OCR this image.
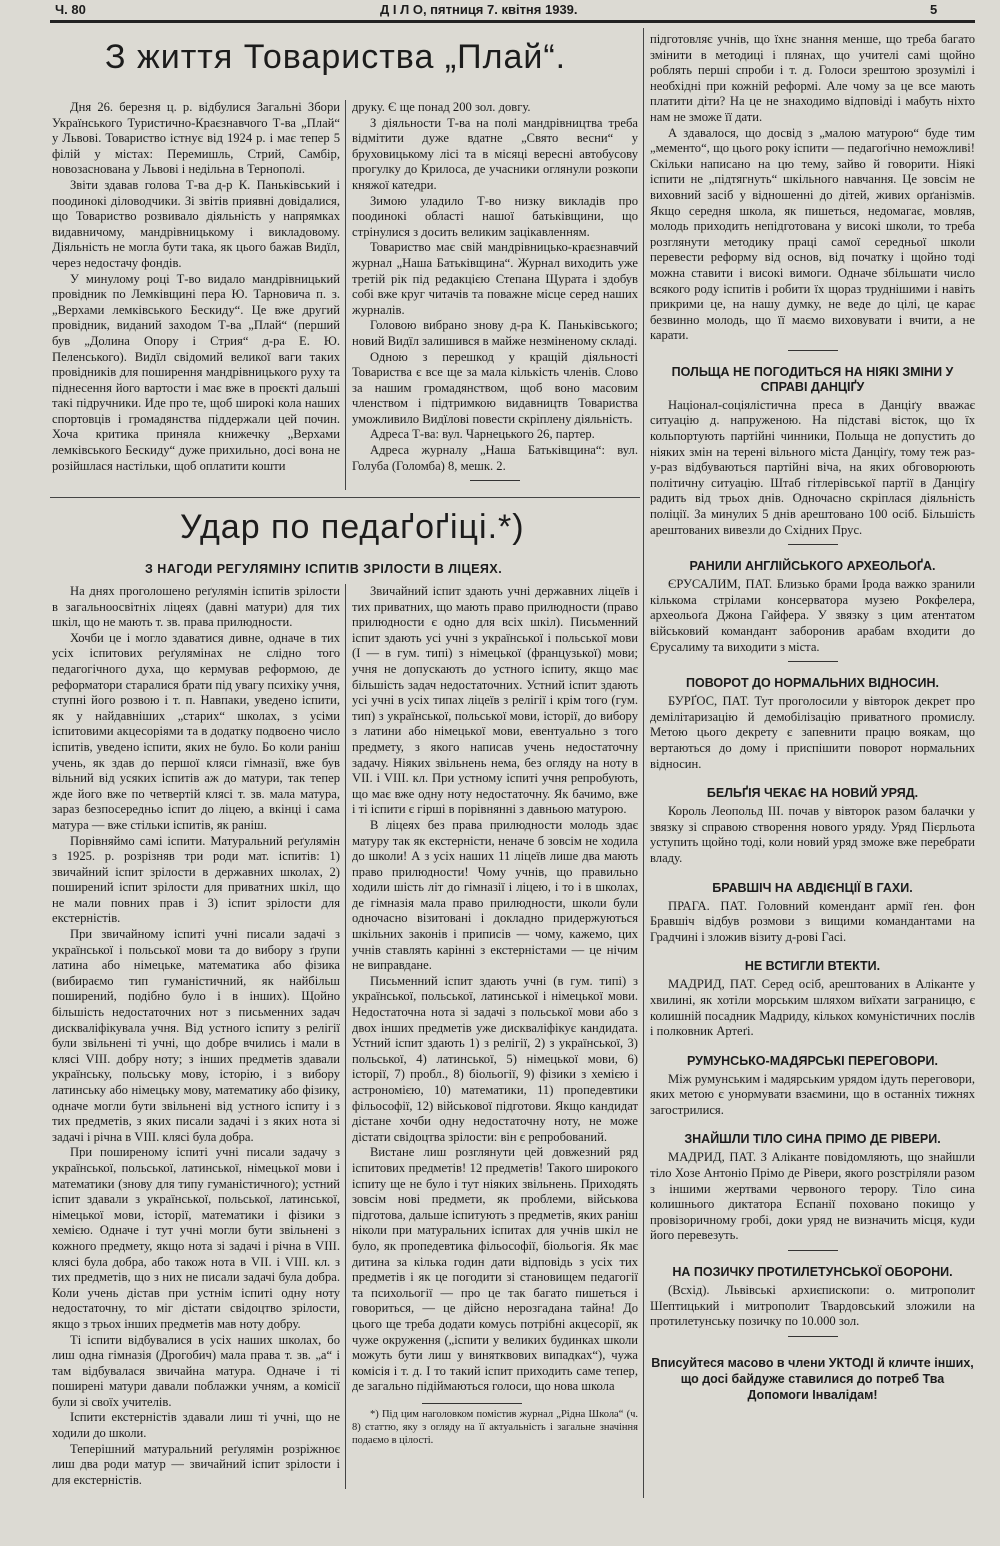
Ч. 80	Д І Л О, пятниця 7. квітня 1939.	5
З життя Товариства „Плай“.

Дня 26. березня ц. р. відбулися Загальні Збори Українського Туристично-Краєзнавчого Т-ва „Плай“ у Львові. Товариство істнує від 1924 р. і має тепер 5 філій у містах: Перемишль, Стрий, Самбір, новозаснована у Львові і недільна в Тернополі.

Звіти здавав голова Т-ва д-р К. Паньківський і поодинокі діловодчики. Зі звітів приявні довідалися, що Товариство розвивало діяльність у напрямках видавничому, мандрівницькому і викладовому. Діяльність не могла бути така, як цього бажав Видїл, через недостачу фондів.

У минулому році Т-во видало мандрівницький провідник по Лемківщині пера Ю. Тарновича п. з. „Верхами лемківського Бескиду“. Це вже другий провідник, виданий заходом Т-ва „Плай“ (перший був „Долина Опору і Стрия“ д-ра Е. Ю. Пеленського). Видїл свідомий великої ваги таких провідників для поширення мандрівницького руху та піднесення його вартости і має вже в проєкті дальші такі підручники. Иде про те, щоб широкі кола наших спортовців і громадянства піддержали цей почин. Хоча критика приняла книжечку „Верхами лемківського Бескиду“ дуже прихильно, досі вона не розійшлася настільки, щоб оплатити кошти

друку. Є ще понад 200 зол. довгу.

З діяльности Т-ва на полі мандрівництва треба відмітити дуже вдатне „Свято весни“ у бруховицькому лісі та в місяці вересні автобусову прогулку до Крилоса, де учасники оглянули розкопи княжої катедри.

Зимою уладило Т-во низку викладів про поодинокі області нашої батьківщини, що стрінулися з досить великим зацікавленням.

Товариство має свій мандрівницько-краєзнавчий журнал „Наша Батьківщина“. Журнал виходить уже третій рік під редакцією Степана Щурата і здобув собі вже круг читачів та поважне місце серед наших журналів.

Головою вибрано знову д-ра К. Паньківського; новий Видїл залишився в майже незміненому складі.

Одною з перешкод у кращій діяльності Товариства є все ще за мала кількість членів. Слово за нашим громадянством, щоб воно масовим членством і підтримкою видавництв Товариства уможливило Видїлові повести скріплену діяльність.

Адреса Т-ва: вул. Чарнецького 26, партер.

Адреса журналу „Наша Батьківщина“: вул. Голуба (Голомба) 8, мешк. 2.

Удар по педаґоґіці.*)
З НАГОДИ РЕГУЛЯМІНУ ІСПИТІВ ЗРІЛОСТИ В ЛІЦЕЯХ.

На днях проголошено реґулямін іспитів зрілости в загальноосвітніх ліцеях (давні матури) для тих шкіл, що не мають т. зв. права прилюдности.

Хочби це і могло здаватися дивне, одначе в тих усіх іспитових реґулямінах не слідно того педагогічного духа, що кермував реформою, де реформатори старалися брати під увагу психіку учня, ступні його розвою і т. п. Навпаки, уведено іспити, як у найдавніших „старих“ школах, з усіми іспитовими акцесоріями та в додатку подвоєно число іспитів, уведено іспити, яких не було. Бо коли раніш учень, як здав до першої кляси гімназії, вже був вільний від усяких іспитів аж до матури, так тепер жде його вже по четвертій клясі т. зв. мала матура, зараз безпосередньо іспит до ліцею, а вкінці і сама матура — вже стільки іспитів, як раніш.

Порівняймо самі іспити. Матуральний реґулямін з 1925. р. розрізняв три роди мат. іспитів: 1) звичайний іспит зрілости в державних школах, 2) поширений іспит зрілости для приватних шкіл, що не мали повних прав і 3) іспит зрілости для екстерністів.

При звичайному іспиті учні писали задачі з української і польської мови та до вибору з ґрупи латина або німецьке, математика або фізика (вибираємо тип гуманістичний, як найбільш поширений, подібно було і в інших). Щойно більшість недостаточних нот з письменних задач дискваліфікувала учня. Від устного іспиту з релігії були звільнені ті учні, що добре вчились і мали в клясі VIII. добру ноту; з інших предметів здавали українську, польську мову, історію, і з вибору латинську або німецьку мову, математику або фізику, одначе могли бути звільнені від устного іспиту і з тих предметів, з яких писали задачі і з яких нота зі задачі і річна в VIII. клясі була добра.

При поширеному іспиті учні писали задачу з української, польської, латинської, німецької мови і математики (знову для типу гуманістичного); устний іспит здавали з української, польської, латинської, німецької мови, історії, математики і фізики з хемією. Одначе і тут учні могли бути звільнені з кожного предмету, якщо нота зі задачі і річна в VIII. клясі була добра, або також нота в VII. і VIII. кл. з тих предметів, що з них не писали задачі була добра. Коли учень дістав при устнім іспиті одну ноту недостаточну, то міг дістати свідоцтво зрілости, якщо з трьох інших предметів мав ноту добру.

Ті іспити відбувалися в усіх наших школах, бо лиш одна гімназія (Дрогобич) мала права т. зв. „а“ і там відбувалася звичайна матура. Одначе і ті поширені матури давали поблажки учням, а комісії були зі своїх учителів.

Іспити екстерністів здавали лиш ті учні, що не ходили до школи.

Теперішний матуральний реґулямін розріжнює лиш два роди матур — звичайний іспит зрілости і для екстерністів.

Звичайний іспит здають учні державних ліцеїв і тих приватних, що мають право прилюдности (право прилюдности є одно для всіх шкіл). Письменний іспит здають усі учні з української і польської мови (І — в гум. типі) з німецької (французької) мови; учня не допускають до устного іспиту, якщо має більшість задач недостаточних. Устний іспит здають усі учні в усіх типах ліцеїв з релігії і крім того (гум. тип) з української, польської мови, історії, до вибору з латини або німецької мови, евентуально з того предмету, з якого написав учень недостаточну задачу. Ніяких звільнень нема, без огляду на ноту в VII. і VIII. кл. При устному іспиті учня репробують, що має вже одну ноту недостаточну. Як бачимо, вже і ті іспити є гірші в порівнянні з давньою матурою.

В ліцеях без права прилюдности молодь здає матуру так як екстерністи, неначе б зовсім не ходила до школи! А з усіх наших 11 ліцеїв лише два мають право прилюдности! Чому учнів, що правильно ходили шість літ до гімназії і ліцею, і то і в школах, де гімназія мала право прилюдности, школи були одночасно візитовані і докладно придержуються шкільних законів і приписів — чому, кажемо, цих учнів ставлять карінні з екстерністами — це нічим не виправдане.

Письменний іспит здають учні (в гум. типі) з української, польської, латинської і німецької мови. Недостаточна нота зі задачі з польської мови або з двох інших предметів уже дискваліфікує кандидата. Устний іспит здають 1) з релігії, 2) з української, 3) польської, 4) латинської, 5) німецької мови, 6) історії, 7) пробл., 8) біольогії, 9) фізики з хемією і астрономією, 10) математики, 11) пропедевтики фільософії, 12) військової підготови. Якщо кандидат дістане хочби одну недостаточну ноту, не може дістати свідоцтва зрілости: він є репробований.

Вистане лиш розглянути цей довжезний ряд іспитових предметів! 12 предметів! Такого широкого іспиту ще не було і тут ніяких звільнень. Приходять зовсім нові предмети, як проблеми, військова підготова, дальше іспитують з предметів, яких раніш ніколи при матуральних іспитах для учнів шкіл не було, як пропедевтика фільософії, біольогія. Як має дитина за кілька годин дати відповідь з усіх тих предметів і як це погодити зі становищем педагогії та психольогії — про це так багато пишеться і говориться, — це дійсно нерозгадана тайна! До цього ще треба додати комусь потрібні акцесорії, як чуже окруження („іспити у великих будинках школи можуть бути лиш у винятквових випадках“), чужа комісія і т. д. І то такий іспит приходить саме тепер, де загально підіймаються голоси, що нова школа

*) Під цим наголовком помістив журнал „Рідна Школа“ (ч. 8) статтю, яку з огляду на її актуальність і загальне значіння подаємо в цілості.

підготовляє учнів, що їхнє знання менше, що треба багато змінити в методиці і плянах, що учителі самі щойно роблять перші спроби і т. д. Голоси зрештою зрозумілі і необхідні при кожній реформі. Але чому за це все мають платити діти? На це не знаходимо відповіді і мабуть ніхто нам не зможе її дати.

А здавалося, що досвід з „малою матурою“ буде тим „мементо“, що цього року іспити — педагоґічно неможливі! Скільки написано на цю тему, зайво й говорити. Ніякі іспити не „підтягнуть“ шкільного навчання. Це зовсім не виховний засіб у відношенні до дітей, живих орґанізмів. Якщо середня школа, як пишеться, недомагає, мовляв, молодь приходить непідготована у високі школи, то треба розглянути методику праці самої середньої школи перевести реформу від основ, від початку і щойно тоді можна ставити і високі вимоги. Одначе збільшати число всякого роду іспитів і робити їх щораз труднішими і навіть прикрими це, на нашу думку, не веде до цілі, це карає безвинно молодь, що її маємо виховувати і вчити, а не карати.

ПОЛЬЩА НЕ ПОГОДИТЬСЯ НА НІЯКІ ЗМІНИ У СПРАВІ ДАНЦІҐУ

Націонал-соціялістична преса в Данціґу вважає ситуацію д. напруженою. На підставі вісток, що їх кольпортують партійні чинники, Польща не допустить до ніяких змін на терені вільного міста Данціґу, тому теж раз-у-раз відбуваються партійні віча, на яких обговорюють політичну ситуацію. Штаб гітлерівської партії в Данціґу радить від трьох днів. Одночасно скріплася діяльність поліції. За минулих 5 днів арештовано 100 осіб. Більшість арештованих вивезли до Східних Прус.

РАНИЛИ АНГЛІЙСЬКОГО АРХЕОЛЬОҐА.

ЄРУСАЛИМ, ПАТ. Близько брами Ірода важко зранили кількома стрілами консерватора музею Рокфелера, археольоґа Джона Гайфера. У звязку з цим атентатом військовий командант заборонив арабам входити до Єрусалиму та виходити з міста.

ПОВОРОТ ДО НОРМАЛЬНИХ ВІДНОСИН.

БУРҐОС, ПАТ. Тут проголосили у вівторок декрет про демілітаризацію й демобілізацію приватного промислу. Метою цього декрету є запевнити працю воякам, що вертаються до дому і приспішити поворот нормальних відносин.

БЕЛЬҐІЯ ЧЕКАЄ НА НОВИЙ УРЯД.

Король Леопольд III. почав у вівторок разом балачки у звязку зі справою створення нового уряду. Уряд Пієрльота уступить щойно тоді, коли новий уряд зможе вже перебрати владу.

БРАВШІЧ НА АВДІЄНЦІЇ В ГАХИ.

ПРАГА. ПАТ. Головний комендант армії ґен. фон Бравшіч відбув розмови з вищими командантами на Градчині і зложив візиту д-рові Гасі.

НЕ ВСТИГЛИ ВТЕКТИ.

МАДРИД, ПАТ. Серед осіб, арештованих в Аліканте у хвилині, як хотіли морським шляхом виїхати заграницю, є колишній посадник Мадриду, кількох комуністичних послів і полковник Артеґі.

РУМУНСЬКО-МАДЯРСЬКІ ПЕРЕГОВОРИ.

Між румунським і мадярським урядом ідуть переговори, яких метою є унормувати взаємини, що в останніх тижнях загострилися.

ЗНАЙШЛИ ТІЛО СИНА ПРІМО ДЕ РІВЕРИ.

МАДРИД, ПАТ. З Аліканте повідомляють, що знайшли тіло Хозе Антоніо Прімо де Рівери, якого розстріляли разом з іншими жертвами червоного терору. Тіло сина колишнього диктатора Еспанії поховано покищо у провізоричному гробі, доки уряд не визначить місця, куди його перевезуть.

НА ПОЗИЧКУ ПРОТИЛЕТУНСЬКОЇ ОБОРОНИ.

(Всхід). Львівські архиєпископи: о. митрополит Шептицький і митрополит Твардовський зложили на протилетунську позичку по 10.000 зол.

Вписуйтеся масово в члени УКТОДІ й кличте інших, що досі байдуже ставилися до потреб Тва Допомоги Інвалідам!
